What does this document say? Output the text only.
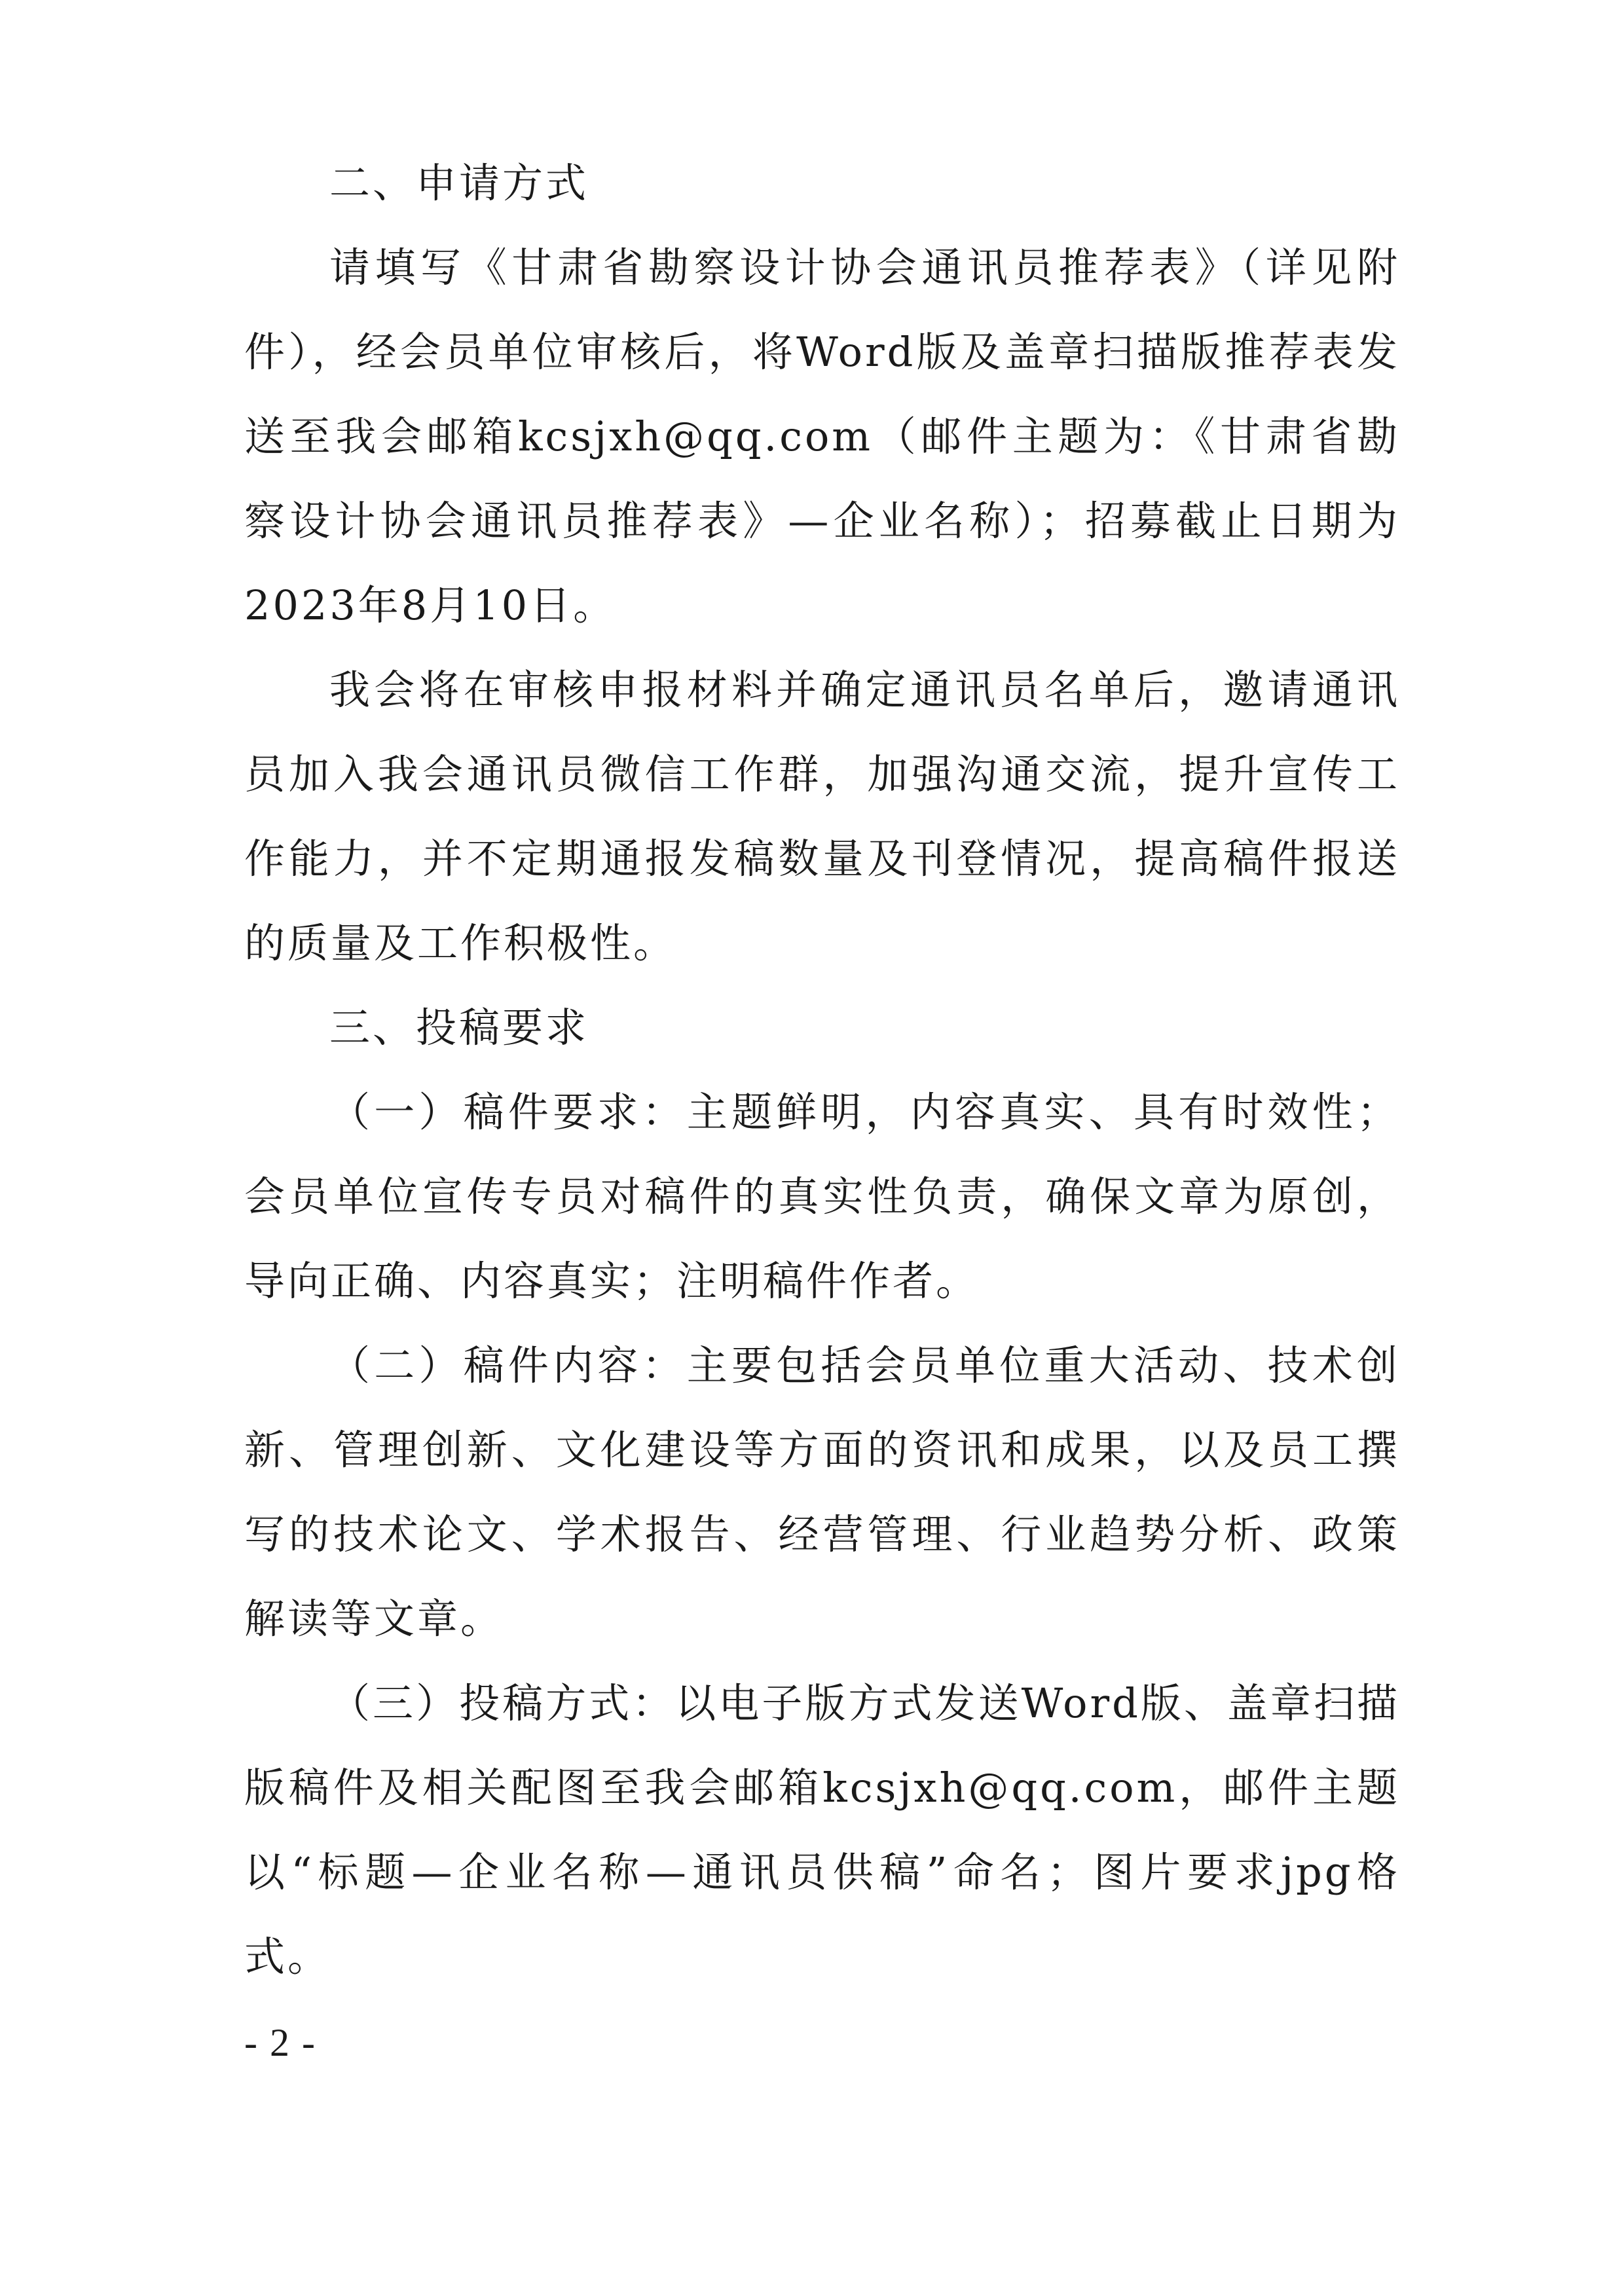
二、申请方式

请填写《甘肃省勘察设计协会通讯员推荐表》（详见附件），经会员单位审核后，将Word版及盖章扫描版推荐表发送至我会邮箱kcsjxh@qq.com（邮件主题为：《甘肃省勘察设计协会通讯员推荐表》—企业名称）；招募截止日期为2023年8月10日。

我会将在审核申报材料并确定通讯员名单后，邀请通讯员加入我会通讯员微信工作群，加强沟通交流，提升宣传工作能力，并不定期通报发稿数量及刊登情况，提高稿件报送的质量及工作积极性。

三、投稿要求

（一）稿件要求：主题鲜明，内容真实、具有时效性；会员单位宣传专员对稿件的真实性负责，确保文章为原创，导向正确、内容真实；注明稿件作者。

（二）稿件内容：主要包括会员单位重大活动、技术创新、管理创新、文化建设等方面的资讯和成果，以及员工撰写的技术论文、学术报告、经营管理、行业趋势分析、政策解读等文章。

（三）投稿方式：以电子版方式发送Word版、盖章扫描版稿件及相关配图至我会邮箱kcsjxh@qq.com，邮件主题以“标题—企业名称—通讯员供稿”命名；图片要求jpg格式。

- 2 -
